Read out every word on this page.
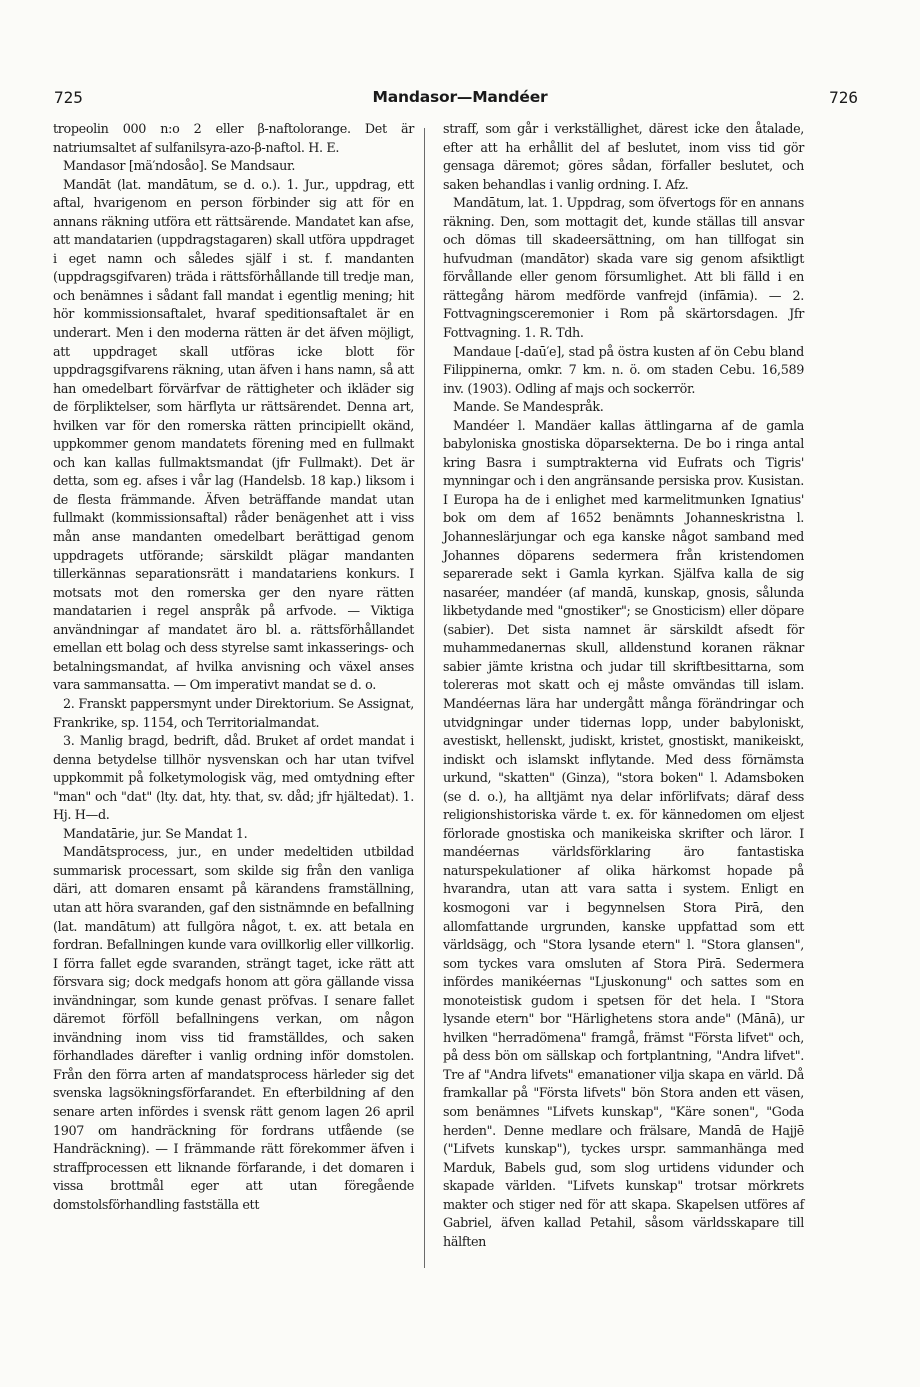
725	Mandasor—Mandéer	726

tropeolin 000 n:o 2 eller β-naftolorange. Det är natriumsaltet af sulfanilsyra-azo-β-naftol. H. E.

Mandasor [mä′ndosåo]. Se Mandsaur.

Mandāt (lat. mandātum, se d. o.). 1. Jur., uppdrag, ett aftal, hvarigenom en person förbinder sig att för en annans räkning utföra ett rättsärende. Mandatet kan afse, att mandatarien (uppdragstagaren) skall utföra uppdraget i eget namn och således själf i st. f. mandanten (uppdragsgifvaren) träda i rättsförhållande till tredje man, och benämnes i sådant fall mandat i egentlig mening; hit hör kommissionsaftalet, hvaraf speditionsaftalet är en underart. Men i den moderna rätten är det äfven möjligt, att uppdraget skall utföras icke blott för uppdragsgifvarens räkning, utan äfven i hans namn, så att han omedelbart förvärfvar de rättigheter och ikläder sig de förpliktelser, som härflyta ur rättsärendet. Denna art, hvilken var för den romerska rätten principiellt okänd, uppkommer genom mandatets förening med en fullmakt och kan kallas fullmaktsmandat (jfr Fullmakt). Det är detta, som eg. afses i vår lag (Handelsb. 18 kap.) liksom i de flesta främmande. Äfven beträffande mandat utan fullmakt (kommissionsaftal) råder benägenhet att i viss mån anse mandanten omedelbart berättigad genom uppdragets utförande; särskildt plägar mandanten tillerkännas separationsrätt i mandatariens konkurs. I motsats mot den romerska ger den nyare rätten mandatarien i regel anspråk på arfvode. — Viktiga användningar af mandatet äro bl. a. rättsförhållandet emellan ett bolag och dess styrelse samt inkasserings- och betalningsmandat, af hvilka anvisning och växel anses vara sammansatta. — Om imperativt mandat se d. o.

2. Franskt pappersmynt under Direktorium. Se Assignat, Frankrike, sp. 1154, och Territorialmandat.

3. Manlig bragd, bedrift, dåd. Bruket af ordet mandat i denna betydelse tillhör nysvenskan och har utan tvifvel uppkommit på folketymologisk väg, med omtydning efter "man" och "dat" (lty. dat, hty. that, sv. dåd; jfr hjältedat). 1. Hj. H—d.

Mandatārie, jur. Se Mandat 1.

Mandātsprocess, jur., en under medeltiden utbildad summarisk processart, som skilde sig från den vanliga däri, att domaren ensamt på kärandens framställning, utan att höra svaranden, gaf den sistnämnde en befallning (lat. mandātum) att fullgöra något, t. ex. att betala en fordran. Befallningen kunde vara ovillkorlig eller villkorlig. I förra fallet egde svaranden, strängt taget, icke rätt att försvara sig; dock medgafs honom att göra gällande vissa invändningar, som kunde genast pröfvas. I senare fallet däremot förföll befallningens verkan, om någon invändning inom viss tid framställdes, och saken förhandlades därefter i vanlig ordning inför domstolen. Från den förra arten af mandatsprocess härleder sig det svenska lagsökningsförfarandet. En efterbildning af den senare arten infördes i svensk rätt genom lagen 26 april 1907 om handräckning för fordrans utfående (se Handräckning). — I främmande rätt förekommer äfven i straffprocessen ett liknande förfarande, i det domaren i vissa brottmål eger att utan föregående domstolsförhandling fastställa ett

straff, som går i verkställighet, därest icke den åtalade, efter att ha erhållit del af beslutet, inom viss tid gör gensaga däremot; göres sådan, förfaller beslutet, och saken behandlas i vanlig ordning. I. Afz.

Mandātum, lat. 1. Uppdrag, som öfvertogs för en annans räkning. Den, som mottagit det, kunde ställas till ansvar och dömas till skadeersättning, om han tillfogat sin hufvudman (mandātor) skada vare sig genom afsiktligt förvållande eller genom försumlighet. Att bli fälld i en rättegång härom medförde vanfrejd (infāmia). — 2. Fottvagningsceremonier i Rom på skärtorsdagen. Jfr Fottvagning. 1. R. Tdh.

Mandaue [-daū′e], stad på östra kusten af ön Cebu bland Filippinerna, omkr. 7 km. n. ö. om staden Cebu. 16,589 inv. (1903). Odling af majs och sockerrör.

Mande. Se Mandespråk.

Mandéer l. Mandäer kallas ättlingarna af de gamla babyloniska gnostiska döparsekterna. De bo i ringa antal kring Basra i sumptrakterna vid Eufrats och Tigris' mynningar och i den angränsande persiska prov. Kusistan. I Europa ha de i enlighet med karmelitmunken Ignatius' bok om dem af 1652 benämnts Johanneskristna l. Johanneslärjungar och ega kanske något samband med Johannes döparens sedermera från kristendomen separerade sekt i Gamla kyrkan. Själfva kalla de sig nasaréer, mandéer (af mandā, kunskap, gnosis, sålunda likbetydande med "gnostiker"; se Gnosticism) eller döpare (sabier). Det sista namnet är särskildt afsedt för muhammedanernas skull, alldenstund koranen räknar sabier jämte kristna och judar till skriftbesittarna, som tolereras mot skatt och ej måste omvändas till islam. Mandéernas lära har undergått många förändringar och utvidgningar under tidernas lopp, under babyloniskt, avestiskt, hellenskt, judiskt, kristet, gnostiskt, manikeiskt, indiskt och islamskt inflytande. Med dess förnämsta urkund, "skatten" (Ginza), "stora boken" l. Adamsboken (se d. o.), ha alltjämt nya delar införlifvats; däraf dess religionshistoriska värde t. ex. för kännedomen om eljest förlorade gnostiska och manikeiska skrifter och läror. I mandéernas världsförklaring äro fantastiska naturspekulationer af olika härkomst hopade på hvarandra, utan att vara satta i system. Enligt en kosmogoni var i begynnelsen Stora Pirā, den allomfattande urgrunden, kanske uppfattad som ett världsägg, och "Stora lysande etern" l. "Stora glansen", som tyckes vara omsluten af Stora Pirā. Sedermera infördes manikéernas "Ljuskonung" och sattes som en monoteistisk gudom i spetsen för det hela. I "Stora lysande etern" bor "Härlighetens stora ande" (Mānā), ur hvilken "herradömena" framgå, främst "Första lifvet" och, på dess bön om sällskap och fortplantning, "Andra lifvet". Tre af "Andra lifvets" emanationer vilja skapa en värld. Då framkallar på "Första lifvets" bön Stora anden ett väsen, som benämnes "Lifvets kunskap", "Käre sonen", "Goda herden". Denne medlare och frälsare, Mandā de Hajjē ("Lifvets kunskap"), tyckes urspr. sammanhänga med Marduk, Babels gud, som slog urtidens vidunder och skapade världen. "Lifvets kunskap" trotsar mörkrets makter och stiger ned för att skapa. Skapelsen utföres af Gabriel, äfven kallad Petahil, såsom världsskapare till hälften
